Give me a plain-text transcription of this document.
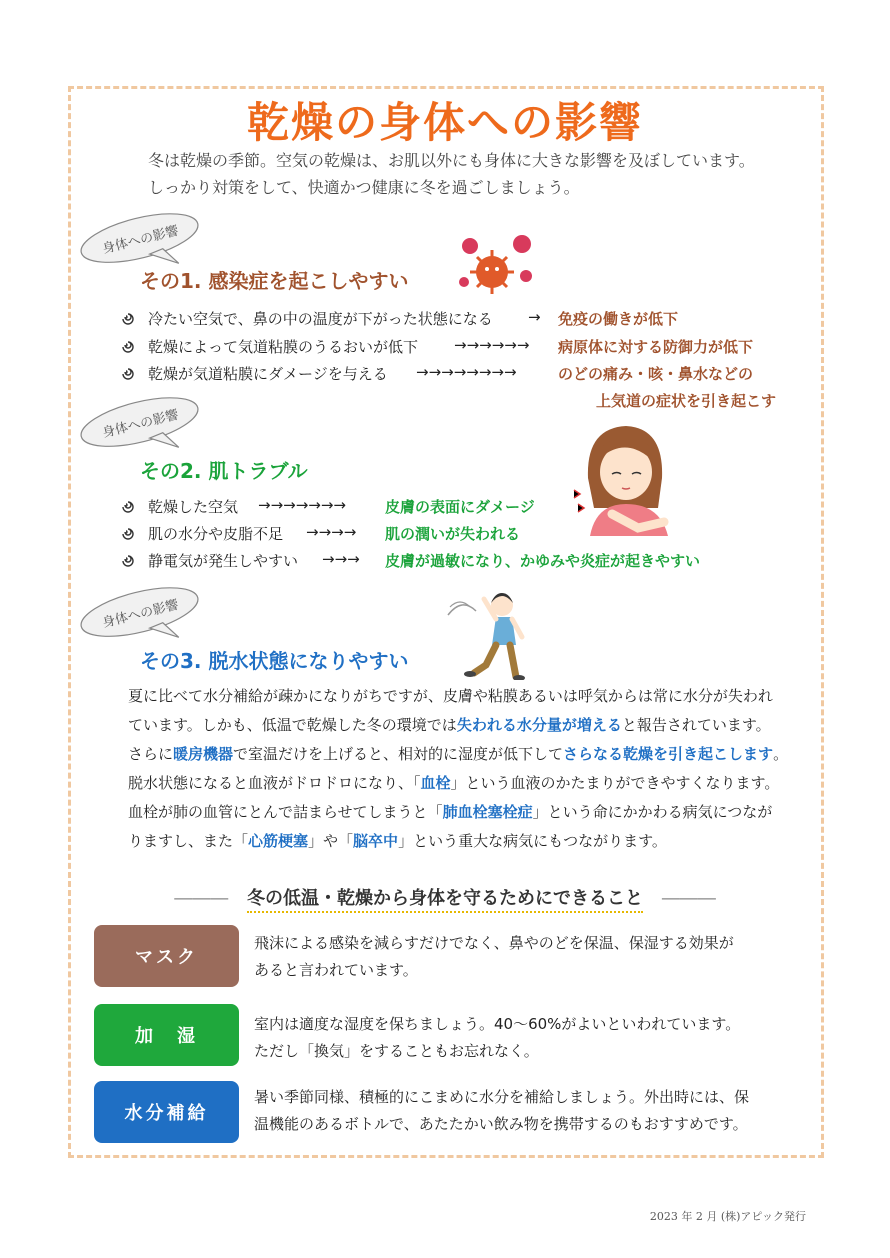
乾燥の身体への影響
冬は乾燥の季節。空気の乾燥は、お肌以外にも身体に大きな影響を及ぼしています。
しっかり対策をして、快適かつ健康に冬を過ごしましょう。
身体への影響
その1. 感染症を起こしやすい
冷たい空気で、鼻の中の温度が下がった状態になる → 免疫の働きが低下
乾燥によって気道粘膜のうるおいが低下 →→→→→→ 病原体に対する防御力が低下
乾燥が気道粘膜にダメージを与える →→→→→→→→	のどの痛み・咳・鼻水などの
上気道の症状を引き起こす
身体への影響
その2. 肌トラブル
乾燥した空気 →→→→→→→	皮膚の表面にダメージ
肌の水分や皮脂不足 →→→→ 肌の潤いが失われる
静電気が発生しやすい →→→ 皮膚が過敏になり、かゆみや炎症が起きやすい
身体への影響
その3. 脱水状態になりやすい
夏に比べて水分補給が疎かになりがちですが、皮膚や粘膜あるいは呼気からは常に水分が失われ
ています。しかも、低温で乾燥した冬の環境では失われる水分量が増えると報告されています。
さらに暖房機器で室温だけを上げると、相対的に湿度が低下してさらなる乾燥を引き起こします。
脱水状態になると血液がドロドロになり、「血栓」という血液のかたまりができやすくなります。
血栓が肺の血管にとんで詰まらせてしまうと「肺血栓塞栓症」という命にかかわる病気につなが
りますし、また「心筋梗塞」や「脳卒中」という重大な病気にもつながります。
――― 冬の低温・乾燥から身体を守るためにできること ―――
マスク
飛沫による感染を減らすだけでなく、鼻やのどを保温、保湿する効果が
あると言われています。
加　湿
室内は適度な湿度を保ちましょう。40～60%がよいといわれています。
ただし「換気」をすることもお忘れなく。
水分補給
暑い季節同様、積極的にこまめに水分を補給しましょう。外出時には、保
温機能のあるボトルで、あたたかい飲み物を携帯するのもおすすめです。
2023 年 2 月 (株)アピック発行
